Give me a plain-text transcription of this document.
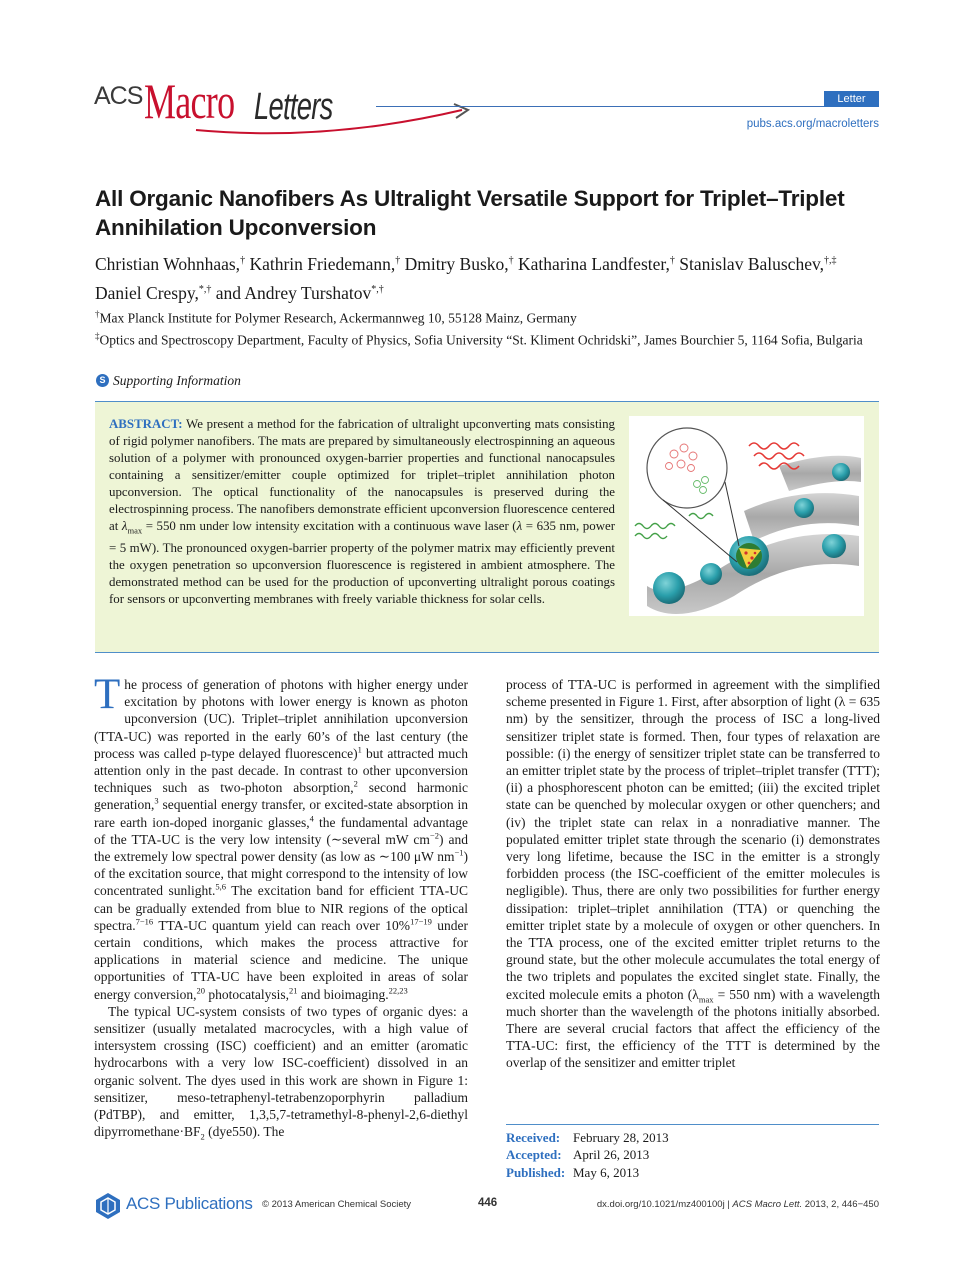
ACS Macro Letters	Letter
pubs.acs.org/macroletters
All Organic Nanofibers As Ultralight Versatile Support for Triplet–Triplet Annihilation Upconversion
Christian Wohnhaas,† Kathrin Friedemann,† Dmitry Busko,† Katharina Landfester,† Stanislav Baluschev,†,‡
Daniel Crespy,*,† and Andrey Turshatov*,†
†Max Planck Institute for Polymer Research, Ackermannweg 10, 55128 Mainz, Germany
‡Optics and Spectroscopy Department, Faculty of Physics, Sofia University “St. Kliment Ochridski”, James Bourchier 5, 1164 Sofia, Bulgaria
S Supporting Information
ABSTRACT: We present a method for the fabrication of ultralight upconverting mats consisting of rigid polymer nanofibers. The mats are prepared by simultaneously electrospinning an aqueous solution of a polymer with pronounced oxygen-barrier properties and functional nanocapsules containing a sensitizer/emitter couple optimized for triplet–triplet annihilation photon upconversion. The optical functionality of the nanocapsules is preserved during the electrospinning process. The nanofibers demonstrate efficient upconversion fluorescence centered at $\lambda_{max} = 550$ nm under low intensity excitation with a continuous wave laser (λ = 635 nm, power = 5 mW). The pronounced oxygen-barrier property of the polymer matrix may efficiently prevent the oxygen penetration so upconversion fluorescence is registered in ambient atmosphere. The demonstrated method can be used for the production of upconverting ultralight porous coatings for sensors or upconverting membranes with freely variable thickness for solar cells.

The process of generation of photons with higher energy under excitation by photons with lower energy is known as photon upconversion (UC). Triplet–triplet annihilation upconversion (TTA-UC) was reported in the early 60’s of the last century (the process was called p-type delayed fluorescence)$^1$ but attracted much attention only in the past decade. In contrast to other upconversion techniques such as two-photon absorption,$^2$ second harmonic generation,$^3$ sequential energy transfer, or excited-state absorption in rare earth ion-doped inorganic glasses,$^4$ the fundamental advantage of the TTA-UC is the very low intensity (∼several mW $cm^{-2}$) and the extremely low spectral power density (as low as ∼100 μW $nm^{-1}$) of the excitation source, that might correspond to the intensity of low concentrated sunlight.$^{5,6}$ The excitation band for efficient TTA-UC can be gradually extended from blue to NIR regions of the optical spectra.$^{7-16}$ TTA-UC quantum yield can reach over 10%$^{17-19}$ under certain conditions, which makes the process attractive for applications in material science and medicine. The unique opportunities of TTA-UC have been exploited in areas of solar energy conversion,$^{20}$ photocatalysis,$^{21}$ and bioimaging.$^{22,23}$

The typical UC-system consists of two types of organic dyes: a sensitizer (usually metalated macrocycles, with a high value of intersystem crossing (ISC) coefficient) and an emitter (aromatic hydrocarbons with a very low ISC-coefficient) dissolved in an organic solvent. The dyes used in this work are shown in Figure 1: sensitizer, meso-tetraphenyl-tetrabenzoporphyrin palladium (PdTBP), and emitter, 1,3,5,7-tetramethyl-8-phenyl-2,6-diethyl $dipyrromethane\cdot BF_2$ (dye550). The

process of TTA-UC is performed in agreement with the simplified scheme presented in Figure 1. First, after absorption of light (λ = 635 nm) by the sensitizer, through the process of ISC a long-lived sensitizer triplet state is formed. Then, four types of relaxation are possible: (i) the energy of sensitizer triplet state can be transferred to an emitter triplet state by the process of triplet–triplet transfer (TTT); (ii) a phosphorescent photon can be emitted; (iii) the excited triplet state can be quenched by molecular oxygen or other quenchers; and (iv) the triplet state can relax in a nonradiative manner. The populated emitter triplet state through the scenario (i) demonstrates very long lifetime, because the ISC in the emitter is a strongly forbidden process (the ISC-coefficient of the emitter molecules is negligible). Thus, there are only two possibilities for further energy dissipation: triplet–triplet annihilation (TTA) or quenching the emitter triplet state by a molecule of oxygen or other quenchers. In the TTA process, one of the excited emitter triplet returns to the ground state, but the other molecule accumulates the total energy of the two triplets and populates the excited singlet state. Finally, the excited molecule emits a photon ($\lambda_{max} = 550$ nm) with a wavelength much shorter than the wavelength of the photons initially absorbed. There are several crucial factors that affect the efficiency of the TTA-UC: first, the efficiency of the TTT is determined by the overlap of the sensitizer and emitter triplet

Received: February 28, 2013
Accepted: April 26, 2013
Published: May 6, 2013
ACS Publications © 2013 American Chemical Society	446	dx.doi.org/10.1021/mz400100j | ACS Macro Lett. 2013, 2, 446−450
